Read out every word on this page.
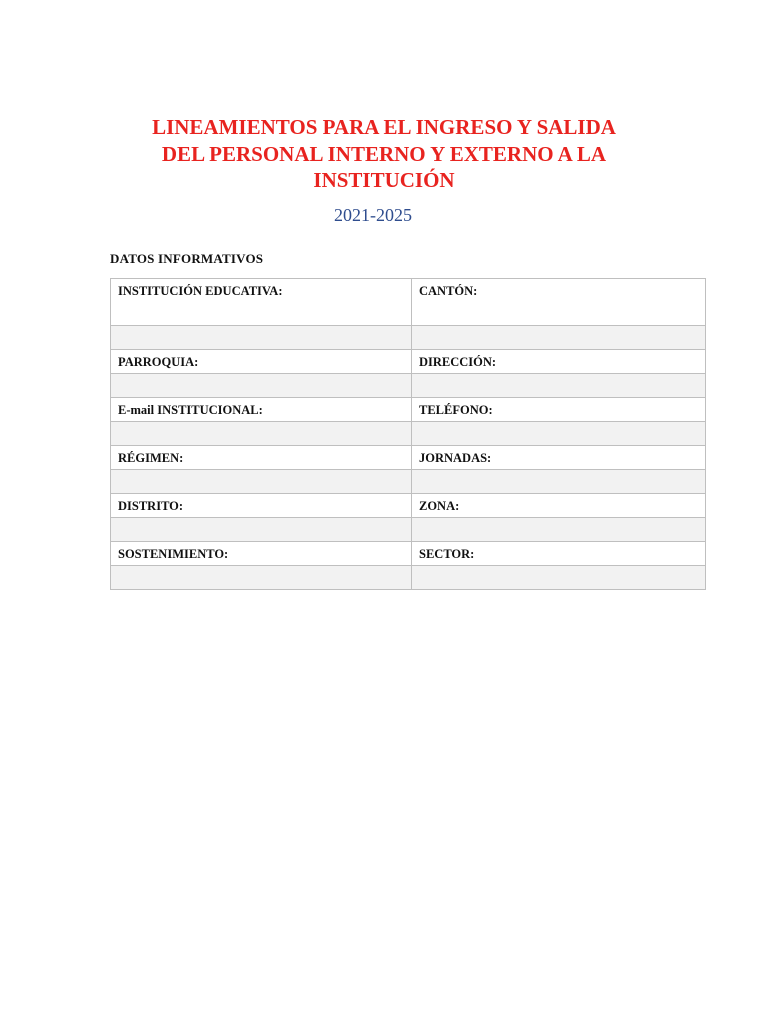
LINEAMIENTOS PARA EL INGRESO Y SALIDA
DEL PERSONAL INTERNO Y EXTERNO A LA
INSTITUCIÓN
2021-2025
DATOS INFORMATIVOS
INSTITUCIÓN EDUCATIVA:	CANTÓN:

PARROQUIA:	DIRECCIÓN:

E-mail INSTITUCIONAL:	TELÉFONO:

RÉGIMEN:	JORNADAS:

DISTRITO:	ZONA:

SOSTENIMIENTO:	SECTOR:
